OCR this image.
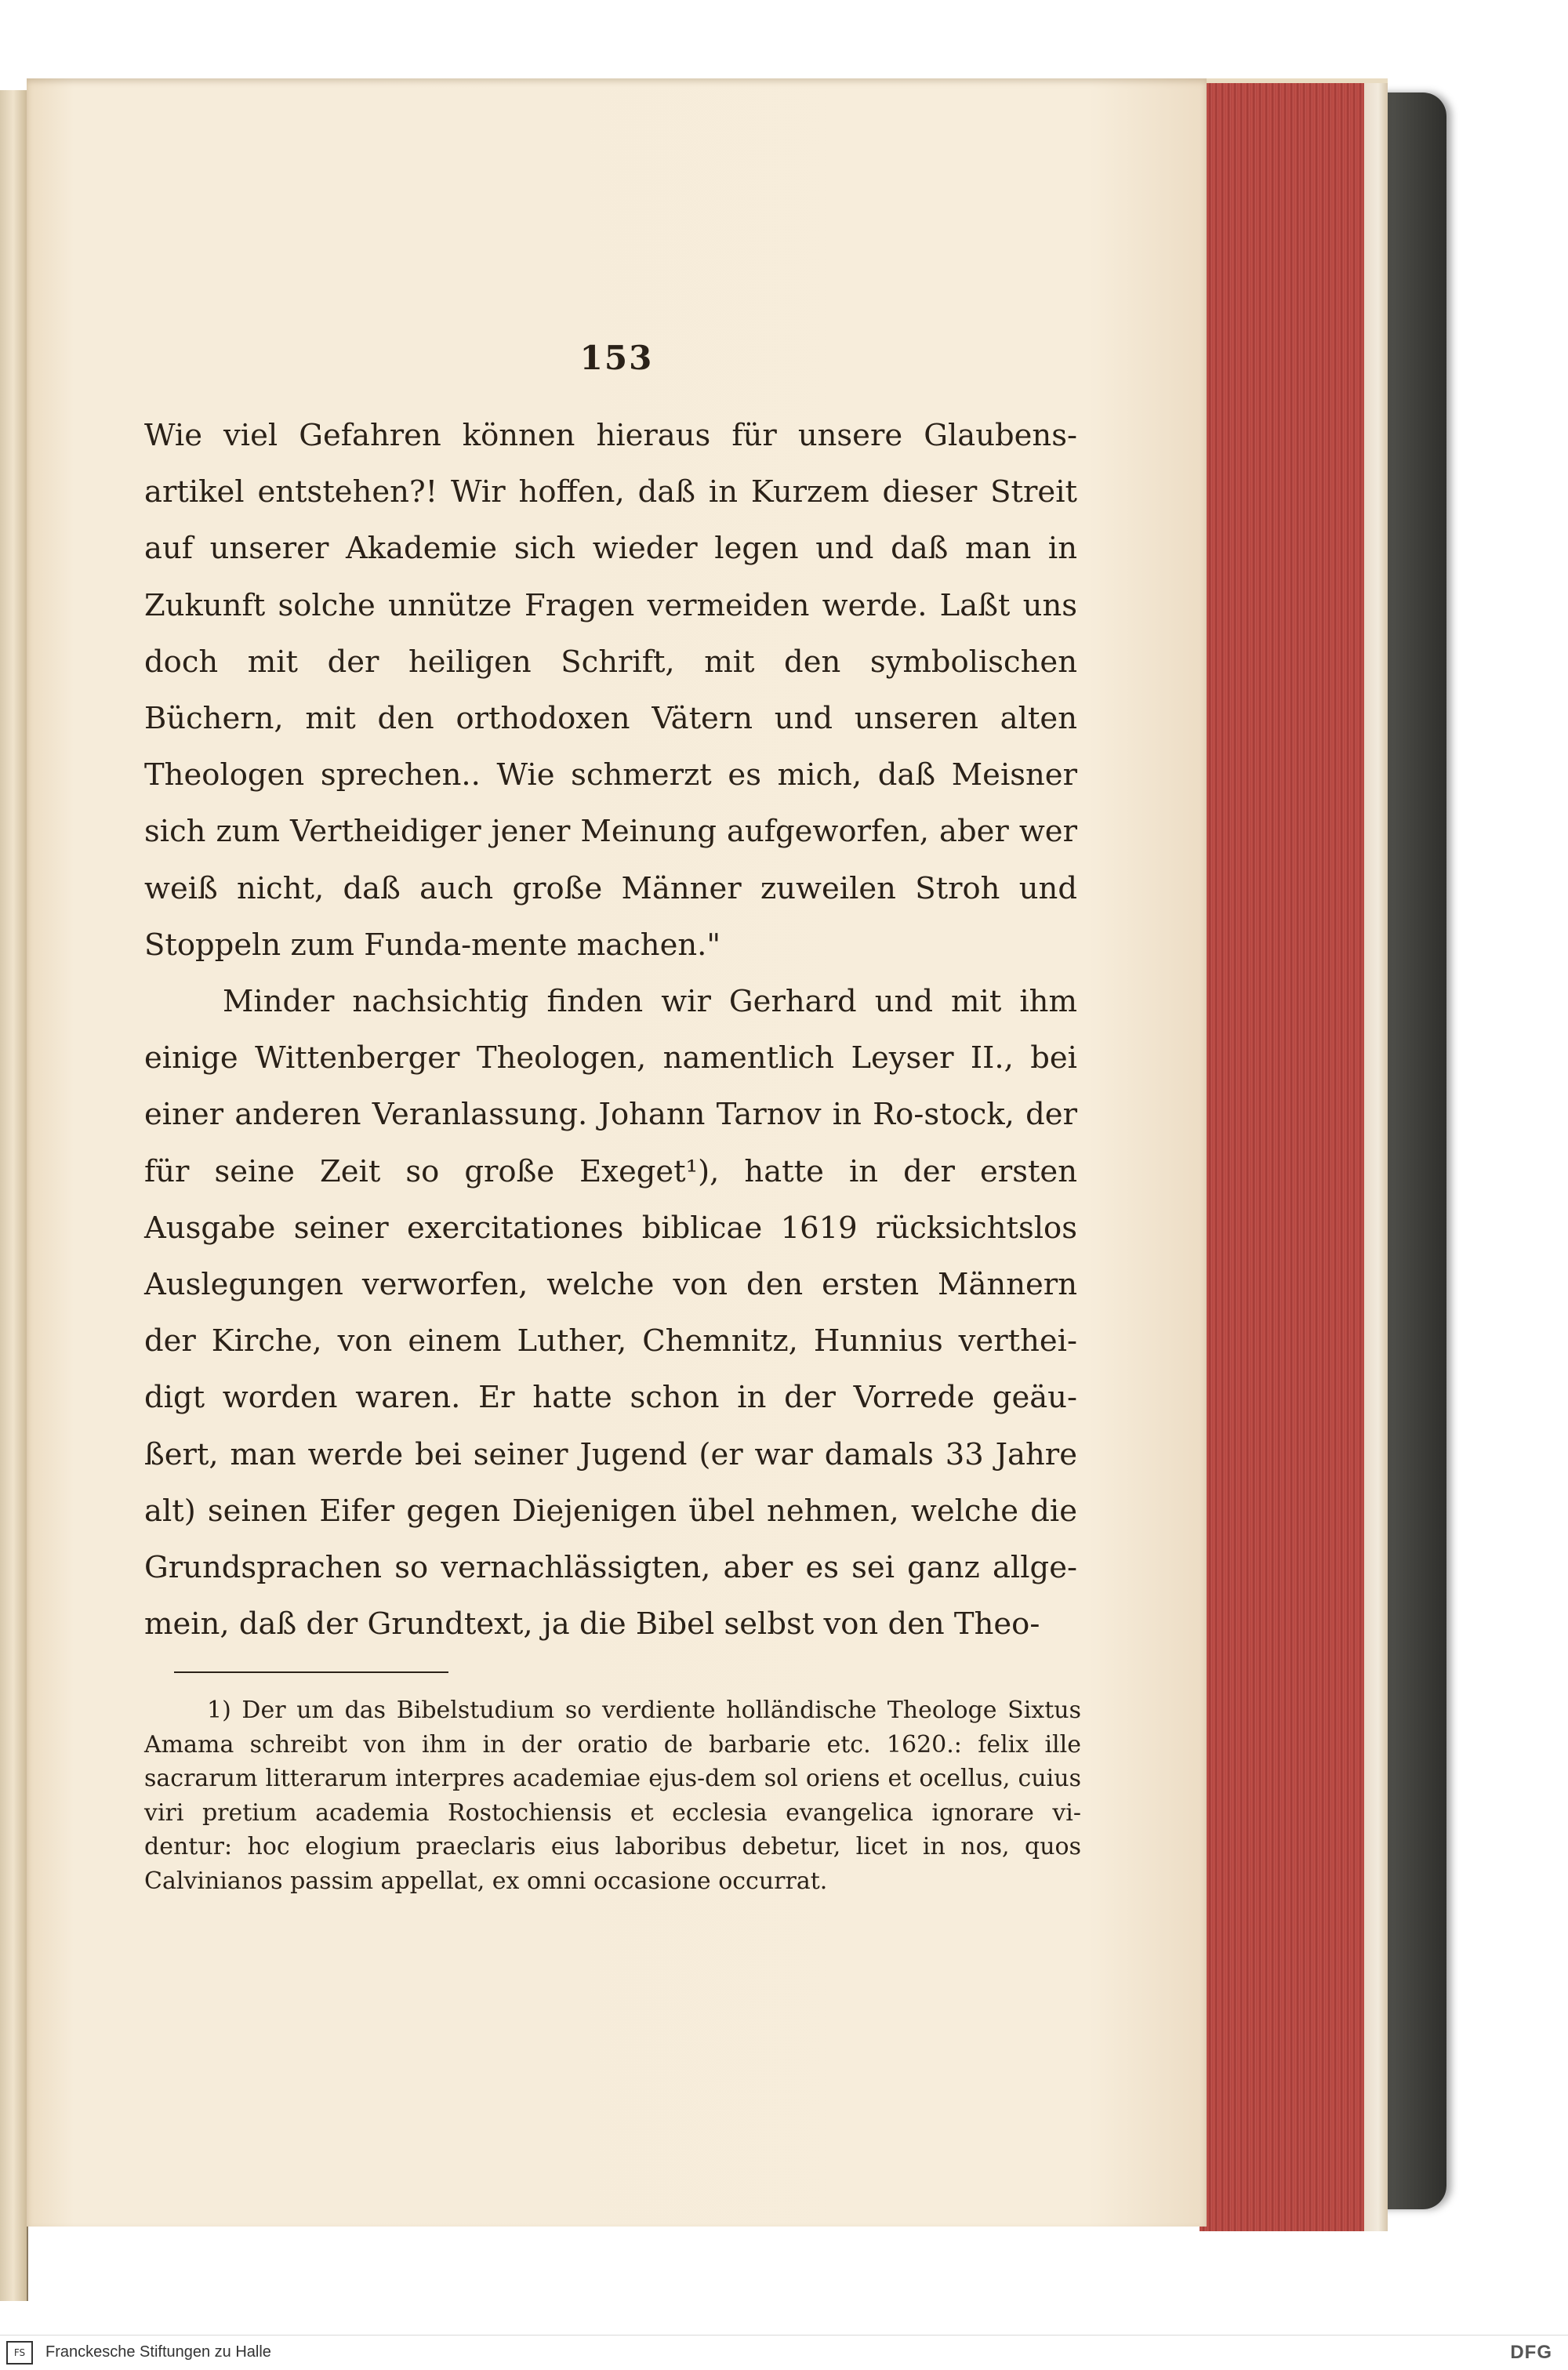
153

Wie viel Gefahren können hieraus für unsere Glaubens-artikel entstehen?! Wir hoffen, daß in Kurzem dieser Streit auf unserer Akademie sich wieder legen und daß man in Zukunft solche unnütze Fragen vermeiden werde. Laßt uns doch mit der heiligen Schrift, mit den symbolischen Büchern, mit den orthodoxen Vätern und unseren alten Theologen sprechen.. Wie schmerzt es mich, daß Meisner sich zum Vertheidiger jener Meinung aufgeworfen, aber wer weiß nicht, daß auch große Männer zuweilen Stroh und Stoppeln zum Funda-mente machen."

Minder nachsichtig finden wir Gerhard und mit ihm einige Wittenberger Theologen, namentlich Leyser II., bei einer anderen Veranlassung. Johann Tarnov in Ro-stock, der für seine Zeit so große Exeget¹), hatte in der ersten Ausgabe seiner exercitationes biblicae 1619 rücksichtslos Auslegungen verworfen, welche von den ersten Männern der Kirche, von einem Luther, Chemnitz, Hunnius verthei-digt worden waren. Er hatte schon in der Vorrede geäu-ßert, man werde bei seiner Jugend (er war damals 33 Jahre alt) seinen Eifer gegen Diejenigen übel nehmen, welche die Grundsprachen so vernachlässigten, aber es sei ganz allge-mein, daß der Grundtext, ja die Bibel selbst von den Theo-

1) Der um das Bibelstudium so verdiente holländische Theologe Sixtus Amama schreibt von ihm in der oratio de barbarie etc. 1620.: felix ille sacrarum litterarum interpres academiae ejus-dem sol oriens et ocellus, cuius viri pretium academia Rostochiensis et ecclesia evangelica ignorare vi-dentur: hoc elogium praeclaris eius laboribus debetur, licet in nos, quos Calvinianos passim appellat, ex omni occasione occurrat.

FS	Franckesche Stiftungen zu Halle	DFG
